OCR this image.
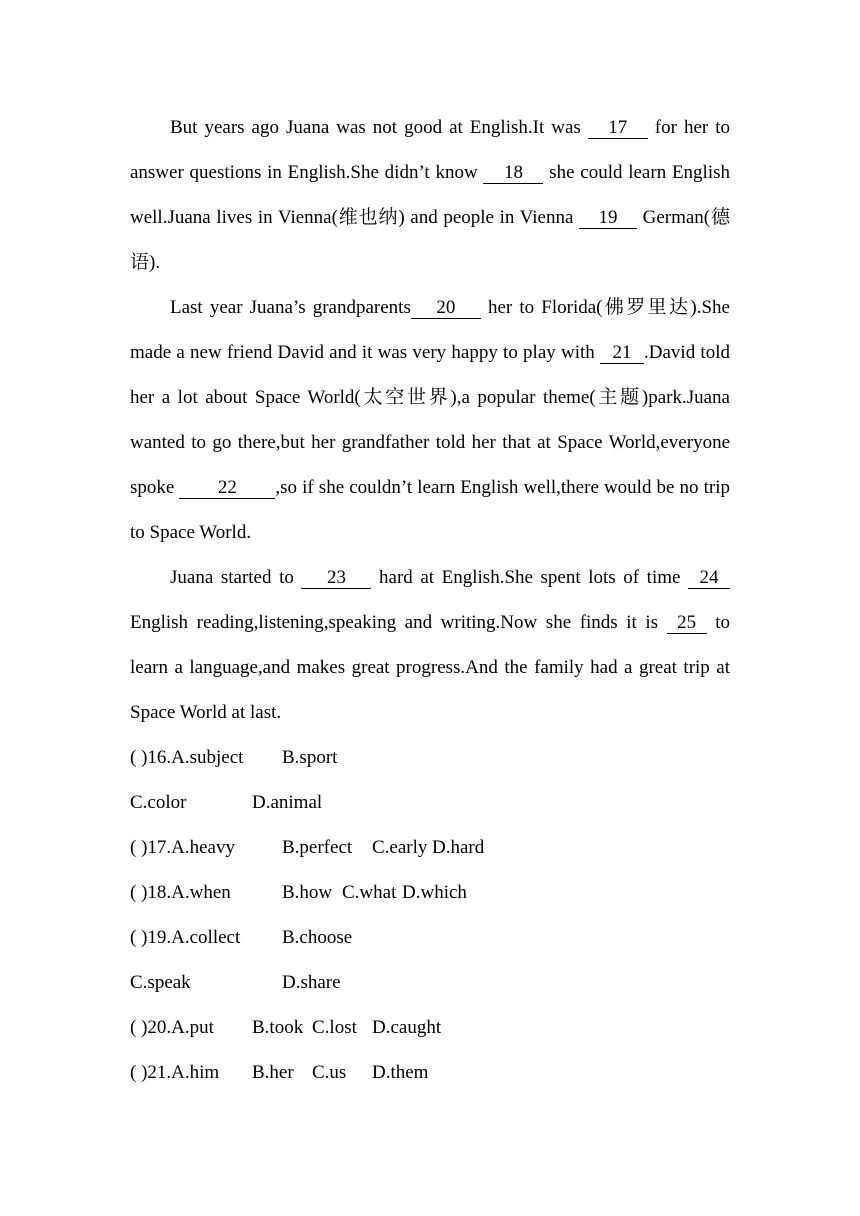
But years ago Juana was not good at English.It was 17 for her to answer questions in English.She didn’t know 18 she could learn English well.Juana lives in Vienna(维也纳) and people in Vienna 19 German(德语).

Last year Juana’s grandparents 20 her to Florida(佛罗里达).She made a new friend David and it was very happy to play with 21 .David told her a lot about Space World(太空世界),a popular theme(主题)park.Juana wanted to go there,but her grandfather told her that at Space World,everyone spoke 22 ,so if she couldn’t learn English well,there would be no trip to Space World.

Juana started to 23 hard at English.She spent lots of time 24 English reading,listening,speaking and writing.Now she finds it is 25 to learn a language,and makes great progress.And the family had a great trip at Space World at last.

( )16.A.subject B.sport
C.color	D.animal
( )17.A.heavy B.perfect C.early D.hard
( )18.A.when	B.how C.what D.which
( )19.A.collect B.choose
C.speak	D.share
( )20.A.put B.took C.lost D.caught
( )21.A.him B.her C.us D.them
